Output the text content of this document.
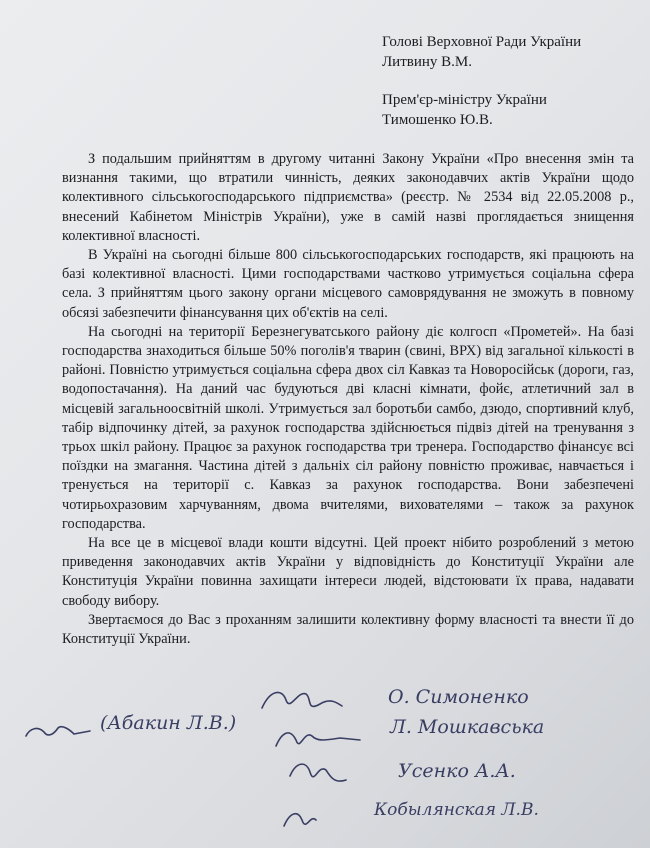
Голові Верховної Ради України
Литвину В.М.
Прем'єр-міністру України
Тимошенко Ю.В.

З подальшим прийняттям в другому читанні Закону України «Про внесення змін та визнання такими, що втратили чинність, деяких законодавчих актів України щодо колективного сільськогосподарського підприємства» (реєстр. № 2534 від 22.05.2008 р., внесений Кабінетом Міністрів України), уже в самій назві проглядається знищення колективної власності.

В Україні на сьогодні більше 800 сільськогосподарських господарств, які працюють на базі колективної власності. Цими господарствами частково утримується соціальна сфера села. З прийняттям цього закону органи місцевого самоврядування не зможуть в повному обсязі забезпечити фінансування цих об'єктів на селі.

На сьогодні на території Березнегуватського району діє колгосп «Прометей». На базі господарства знаходиться більше 50% поголів'я тварин (свині, ВРХ) від загальної кількості в районі. Повністю утримується соціальна сфера двох сіл Кавказ та Новоросійськ (дороги, газ, водопостачання). На даний час будуються дві класні кімнати, фойє, атлетичний зал в місцевій загальноосвітній школі. Утримується зал боротьби самбо, дзюдо, спортивний клуб, табір відпочинку дітей, за рахунок господарства здійснюється підвіз дітей на тренування з трьох шкіл району. Працює за рахунок господарства три тренера. Господарство фінансує всі поїздки на змагання. Частина дітей з дальніх сіл району повністю проживає, навчається і тренується на території с. Кавказ за рахунок господарства. Вони забезпечені чотирьохразовим харчуванням, двома вчителями, вихователями – також за рахунок господарства.

На все це в місцевої влади кошти відсутні. Цей проект нібито розроблений з метою приведення законодавчих актів України у відповідність до Конституції України але Конституція України повинна захищати інтереси людей, відстоювати їх права, надавати свободу вибору.

Звертаємося до Вас з проханням залишити колективну форму власності та внести її до Конституції України.

(Абакин Л.В.)
О. Симоненко
Л. Мошкавська
Усенко А.А.
Кобылянская Л.В.
